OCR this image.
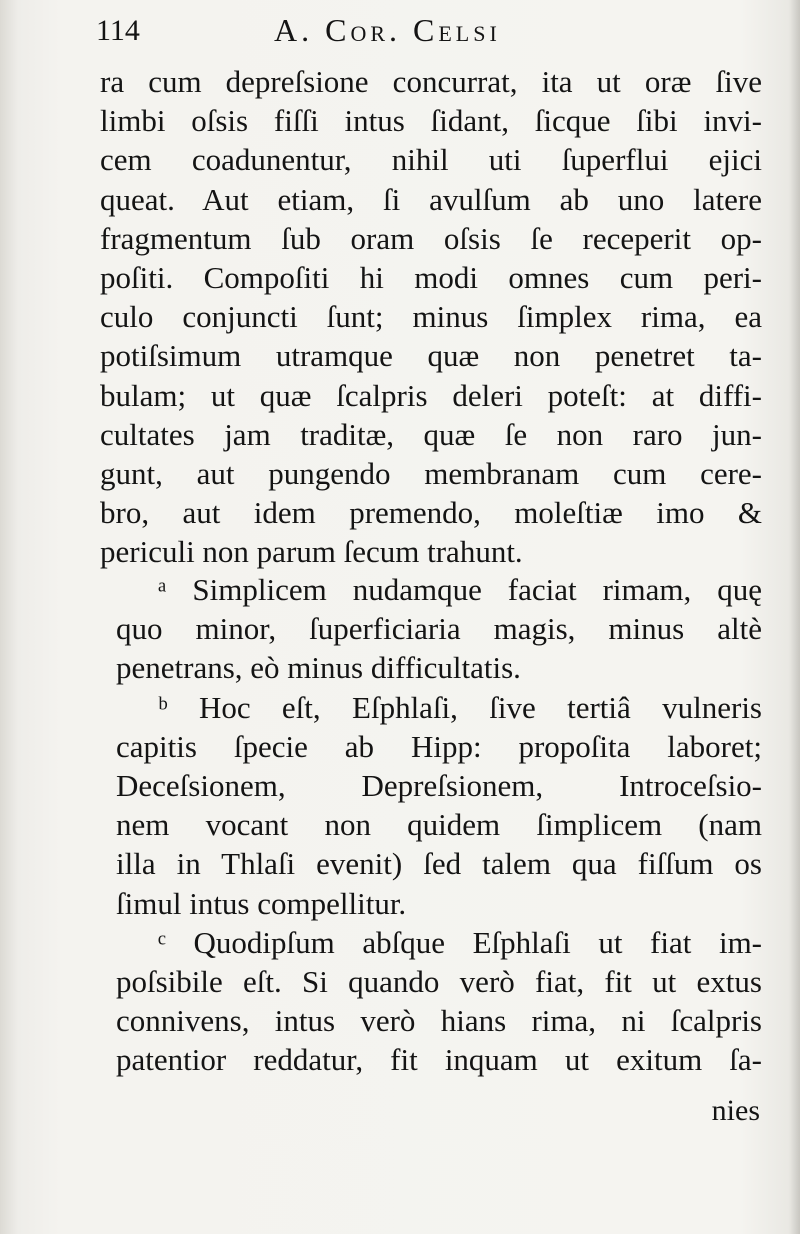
114	A. Cor. Celsi
ra cum depreſsione concurrat, ita ut oræ ſive
limbi oſsis fiſſi intus ſidant, ſicque ſibi invi-
cem coadunentur, nihil uti ſuperflui ejici
queat. Aut etiam, ſi avulſum ab uno latere
fragmentum ſub oram oſsis ſe receperit op-
poſiti. Compoſiti hi modi omnes cum peri-
culo conjuncti ſunt; minus ſimplex rima, ea
potiſsimum utramque quæ non penetret ta-
bulam; ut quæ ſcalpris deleri poteſt: at diffi-
cultates jam traditæ, quæ ſe non raro jun-
gunt, aut pungendo membranam cum cere-
bro, aut idem premendo, moleſtiæ imo &
periculi non parum ſecum trahunt.
ᵃ Simplicem nudamque faciat rimam, quę
quo minor, ſuperficiaria magis, minus altè
penetrans, eò minus difficultatis.
ᵇ Hoc eſt, Eſphlaſi, ſive tertiâ vulneris
capitis ſpecie ab Hipp: propoſita laboret;
Deceſsionem, Depreſsionem, Introceſsio-
nem vocant non quidem ſimplicem (nam
illa in Thlaſi evenit) ſed talem qua fiſſum os
ſimul intus compellitur.
ᶜ Quodipſum abſque Eſphlaſi ut fiat im-
poſsibile eſt. Si quando verò fiat, fit ut extus
connivens, intus verò hians rima, ni ſcalpris
patentior reddatur, fit inquam ut exitum ſa-
nies
